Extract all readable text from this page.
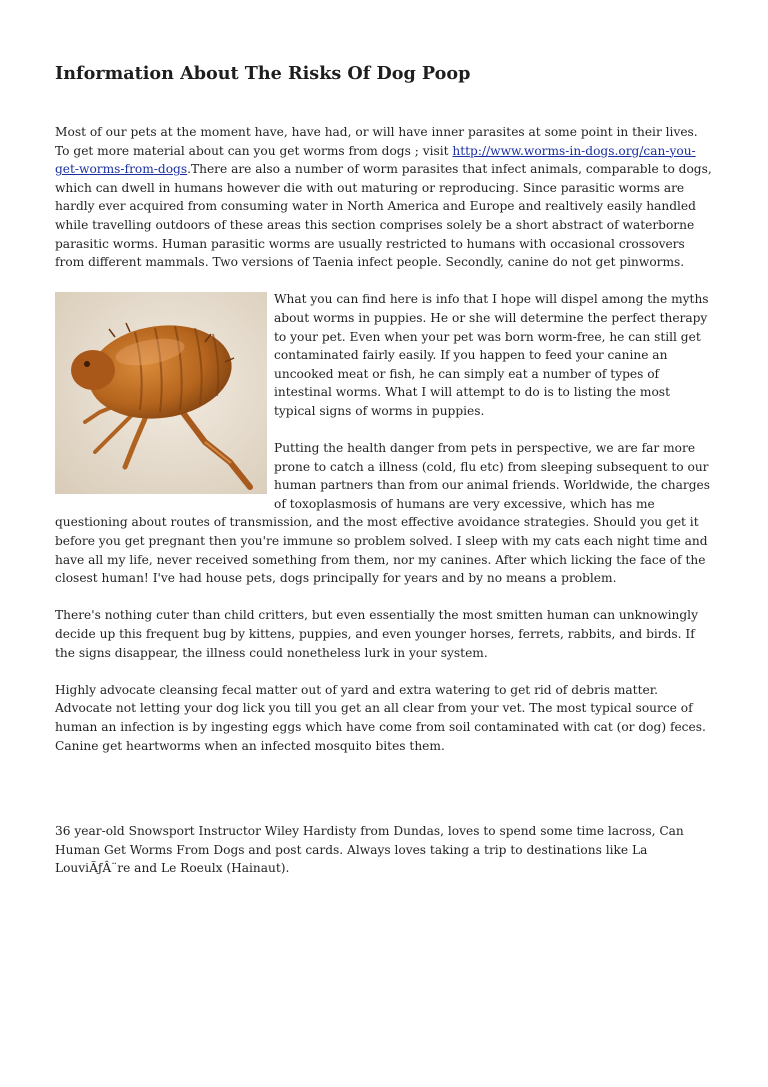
Information About The Risks Of Dog Poop

Most of our pets at the moment have, have had, or will have inner parasites at some point in their lives. To get more material about can you get worms from dogs ; visit http://www.worms-in-dogs.org/can-you-get-worms-from-dogs.There are also a number of worm parasites that infect animals, comparable to dogs, which can dwell in humans however die with out maturing or reproducing. Since parasitic worms are hardly ever acquired from consuming water in North America and Europe and realtively easily handled while travelling outdoors of these areas this section comprises solely be a short abstract of waterborne parasitic worms. Human parasitic worms are usually restricted to humans with occasional crossovers from different mammals. Two versions of Taenia infect people. Secondly, canine do not get pinworms.

What you can find here is info that I hope will dispel among the myths about worms in puppies. He or she will determine the perfect therapy to your pet. Even when your pet was born worm-free, he can still get contaminated fairly easily. If you happen to feed your canine an uncooked meat or fish, he can simply eat a number of types of intestinal worms. What I will attempt to do is to listing the most typical signs of worms in puppies.

Putting the health danger from pets in perspective, we are far more prone to catch a illness (cold, flu etc) from sleeping subsequent to our human partners than from our animal friends. Worldwide, the charges of toxoplasmosis of humans are very excessive, which has me questioning about routes of transmission, and the most effective avoidance strategies. Should you get it before you get pregnant then you're immune so problem solved. I sleep with my cats each night time and have all my life, never received something from them, nor my canines. After which licking the face of the closest human! I've had house pets, dogs principally for years and by no means a problem.

There's nothing cuter than child critters, but even essentially the most smitten human can unknowingly decide up this frequent bug by kittens, puppies, and even younger horses, ferrets, rabbits, and birds. If the signs disappear, the illness could nonetheless lurk in your system.

Highly advocate cleansing fecal matter out of yard and extra watering to get rid of debris matter. Advocate not letting your dog lick you till you get an all clear from your vet. The most typical source of human an infection is by ingesting eggs which have come from soil contaminated with cat (or dog) feces. Canine get heartworms when an infected mosquito bites them.

36 year-old Snowsport Instructor Wiley Hardisty from Dundas, loves to spend some time lacross, Can Human Get Worms From Dogs and post cards. Always loves taking a trip to destinations like La LouviÃƒÂ¨re and Le Roeulx (Hainaut).
